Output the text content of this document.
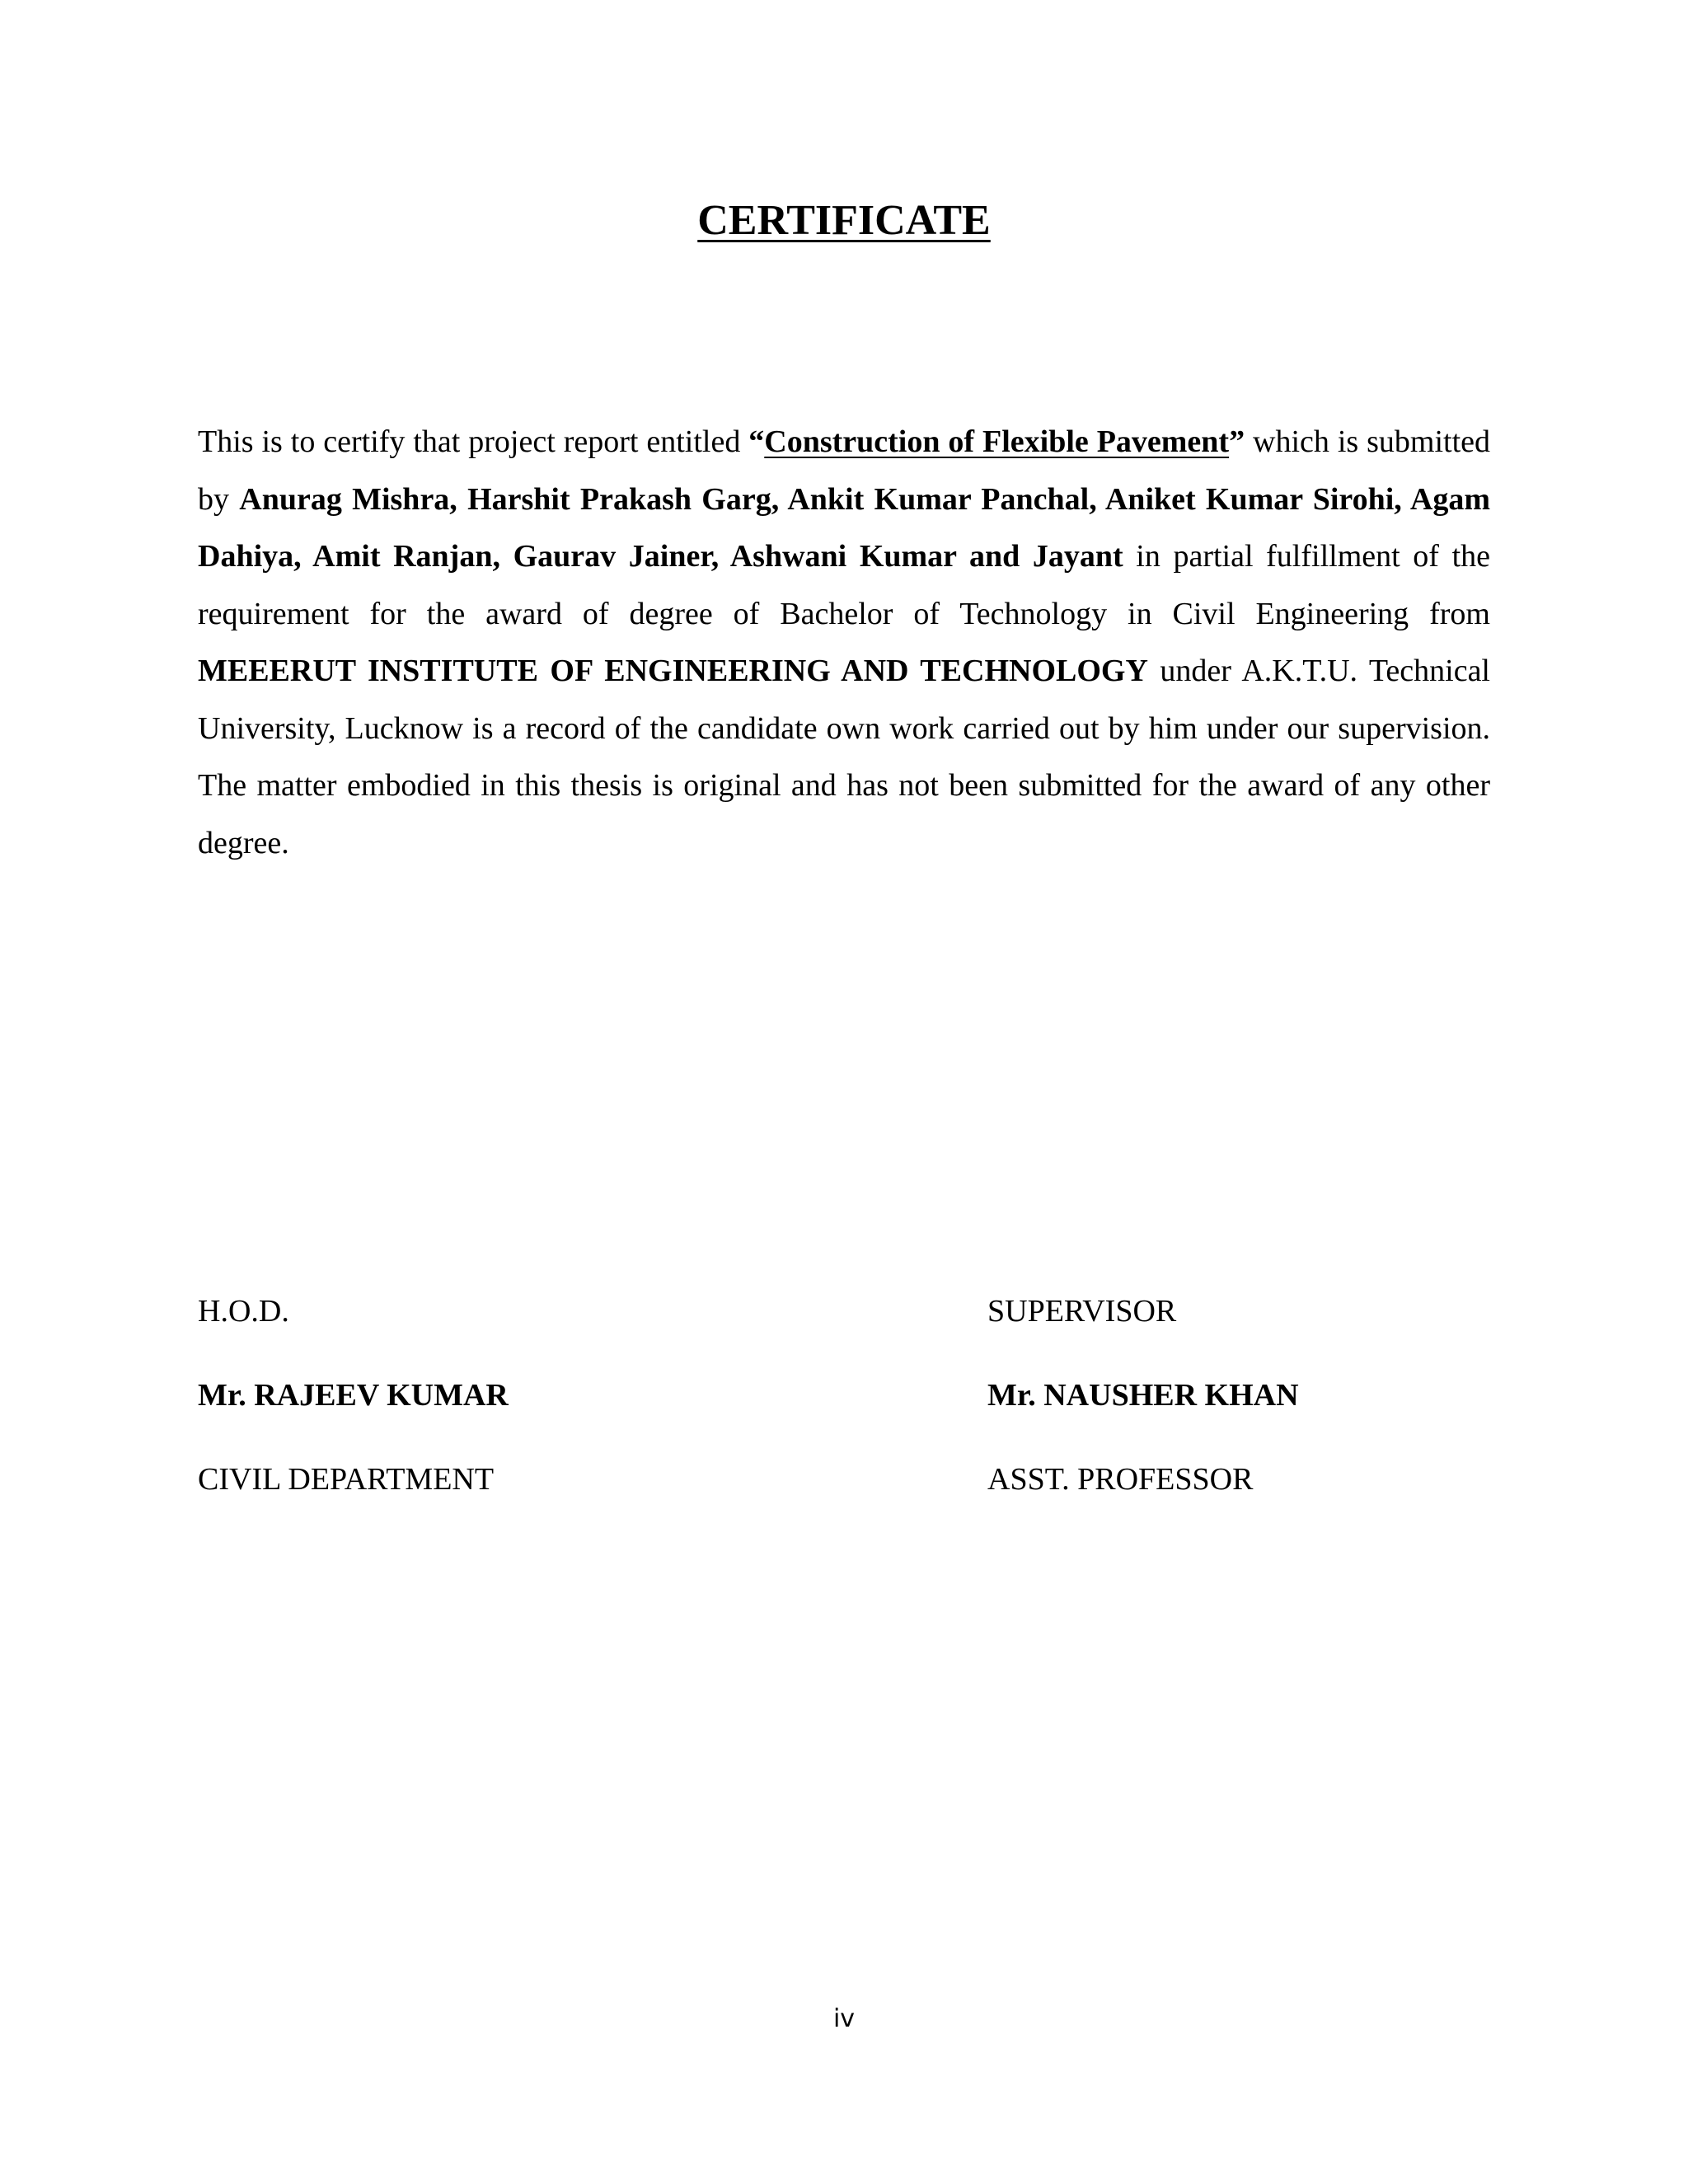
CERTIFICATE
This is to certify that project report entitled “Construction of Flexible Pavement” which is submitted by Anurag Mishra, Harshit Prakash Garg, Ankit Kumar Panchal, Aniket Kumar Sirohi, Agam Dahiya, Amit Ranjan, Gaurav Jainer, Ashwani Kumar and Jayant in partial fulfillment of the requirement for the award of degree of Bachelor of Technology in Civil Engineering from MEEERUT INSTITUTE OF ENGINEERING AND TECHNOLOGY under A.K.T.U. Technical University, Lucknow is a record of the candidate own work carried out by him under our supervision. The matter embodied in this thesis is original and has not been submitted for the award of any other degree.
H.O.D.
Mr. RAJEEV KUMAR
CIVIL DEPARTMENT
SUPERVISOR
Mr. NAUSHER KHAN
ASST. PROFESSOR
iv
